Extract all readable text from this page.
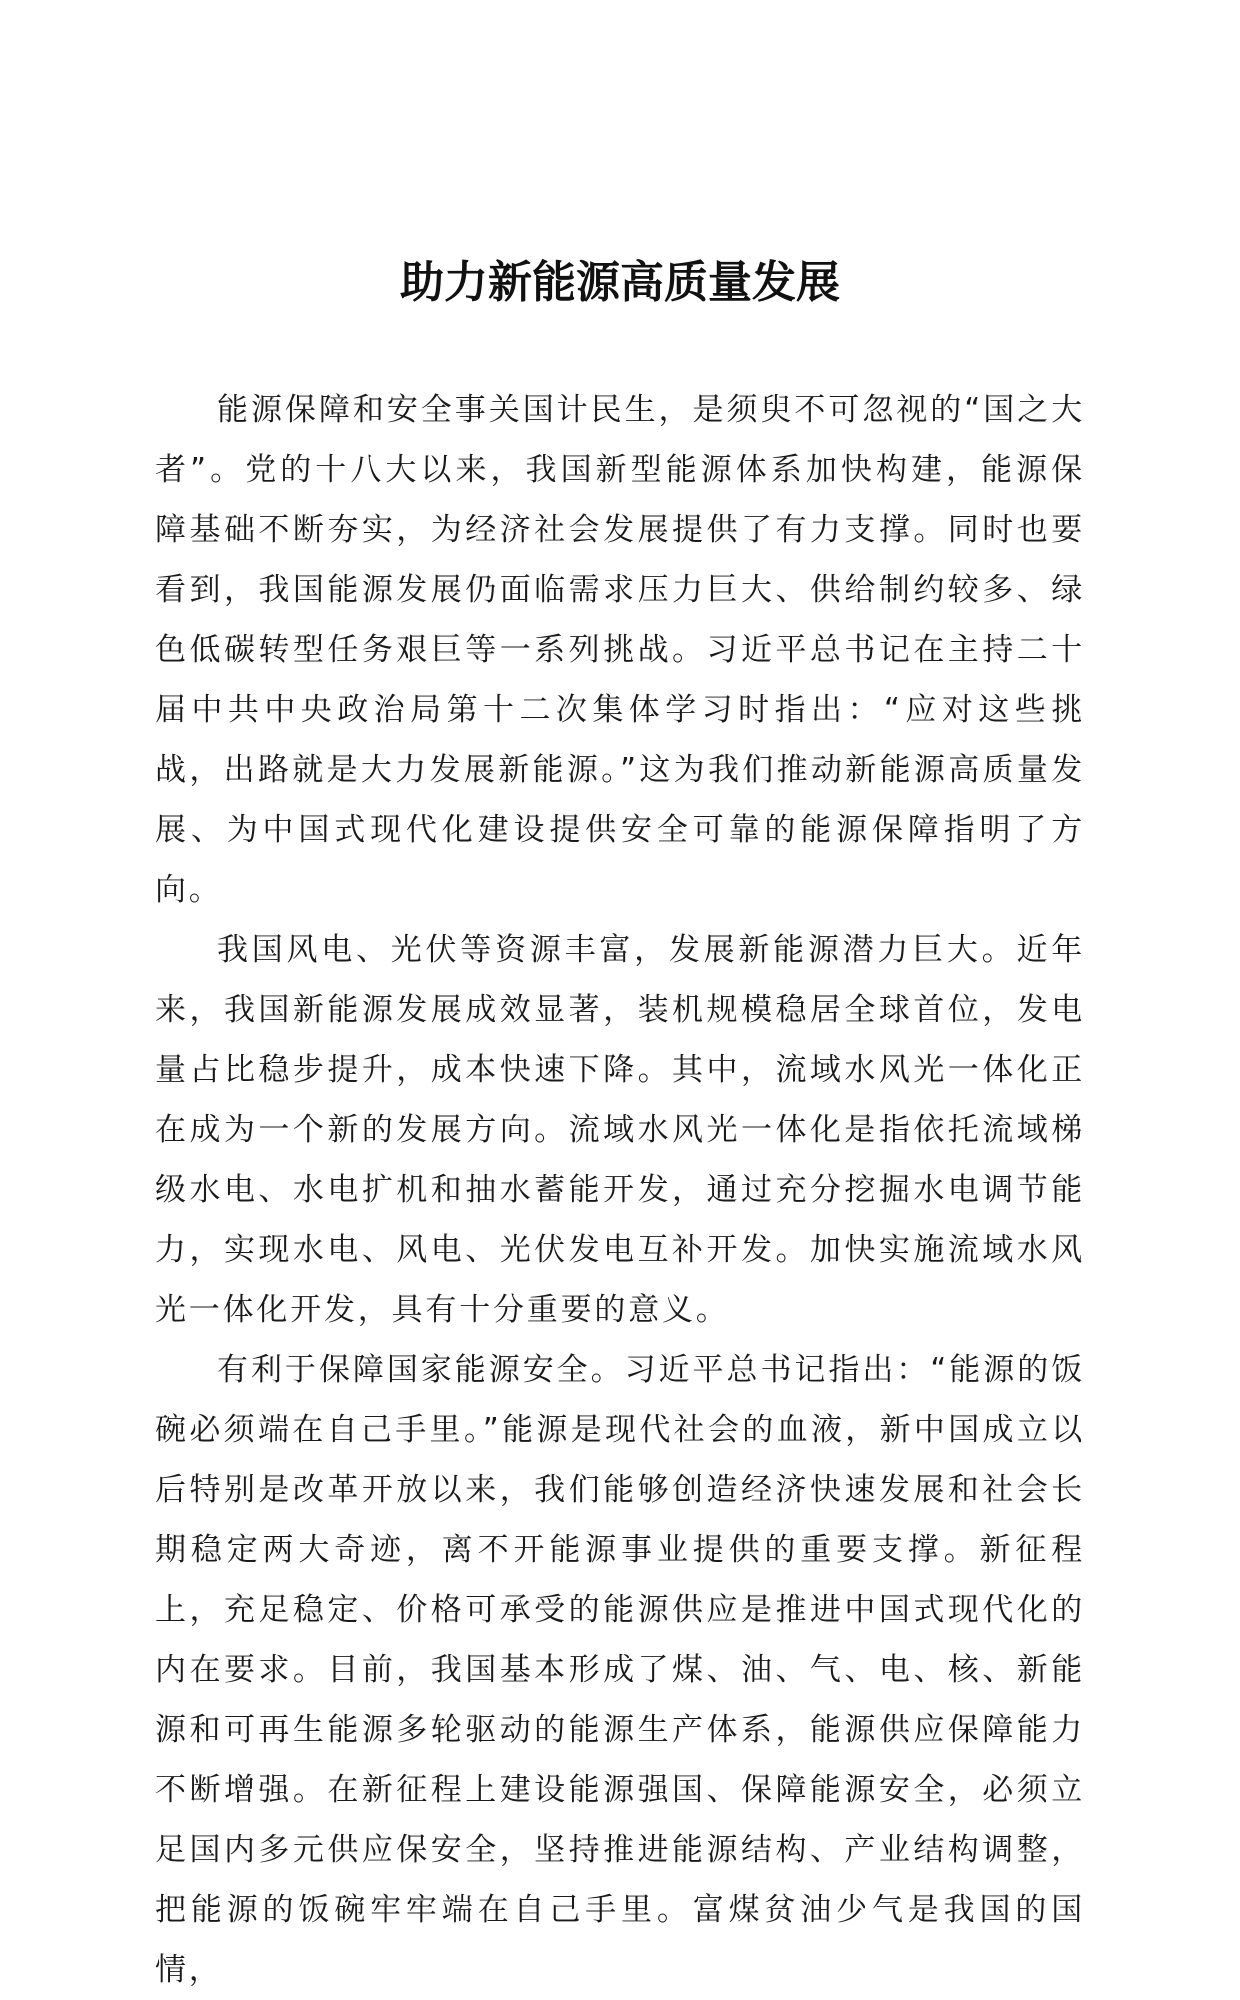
助力新能源高质量发展

能源保障和安全事关国计民生，是须臾不可忽视的“国之大者”。党的十八大以来，我国新型能源体系加快构建，能源保障基础不断夯实，为经济社会发展提供了有力支撑。同时也要看到，我国能源发展仍面临需求压力巨大、供给制约较多、绿色低碳转型任务艰巨等一系列挑战。习近平总书记在主持二十届中共中央政治局第十二次集体学习时指出：“应对这些挑战，出路就是大力发展新能源。”这为我们推动新能源高质量发展、为中国式现代化建设提供安全可靠的能源保障指明了方向。

我国风电、光伏等资源丰富，发展新能源潜力巨大。近年来，我国新能源发展成效显著，装机规模稳居全球首位，发电量占比稳步提升，成本快速下降。其中，流域水风光一体化正在成为一个新的发展方向。流域水风光一体化是指依托流域梯级水电、水电扩机和抽水蓄能开发，通过充分挖掘水电调节能力，实现水电、风电、光伏发电互补开发。加快实施流域水风光一体化开发，具有十分重要的意义。

有利于保障国家能源安全。习近平总书记指出：“能源的饭碗必须端在自己手里。”能源是现代社会的血液，新中国成立以后特别是改革开放以来，我们能够创造经济快速发展和社会长期稳定两大奇迹，离不开能源事业提供的重要支撑。新征程上，充足稳定、价格可承受的能源供应是推进中国式现代化的内在要求。目前，我国基本形成了煤、油、气、电、核、新能源和可再生能源多轮驱动的能源生产体系，能源供应保障能力不断增强。在新征程上建设能源强国、保障能源安全，必须立足国内多元供应保安全，坚持推进能源结构、产业结构调整，把能源的饭碗牢牢端在自己手里。富煤贫油少气是我国的国情，
